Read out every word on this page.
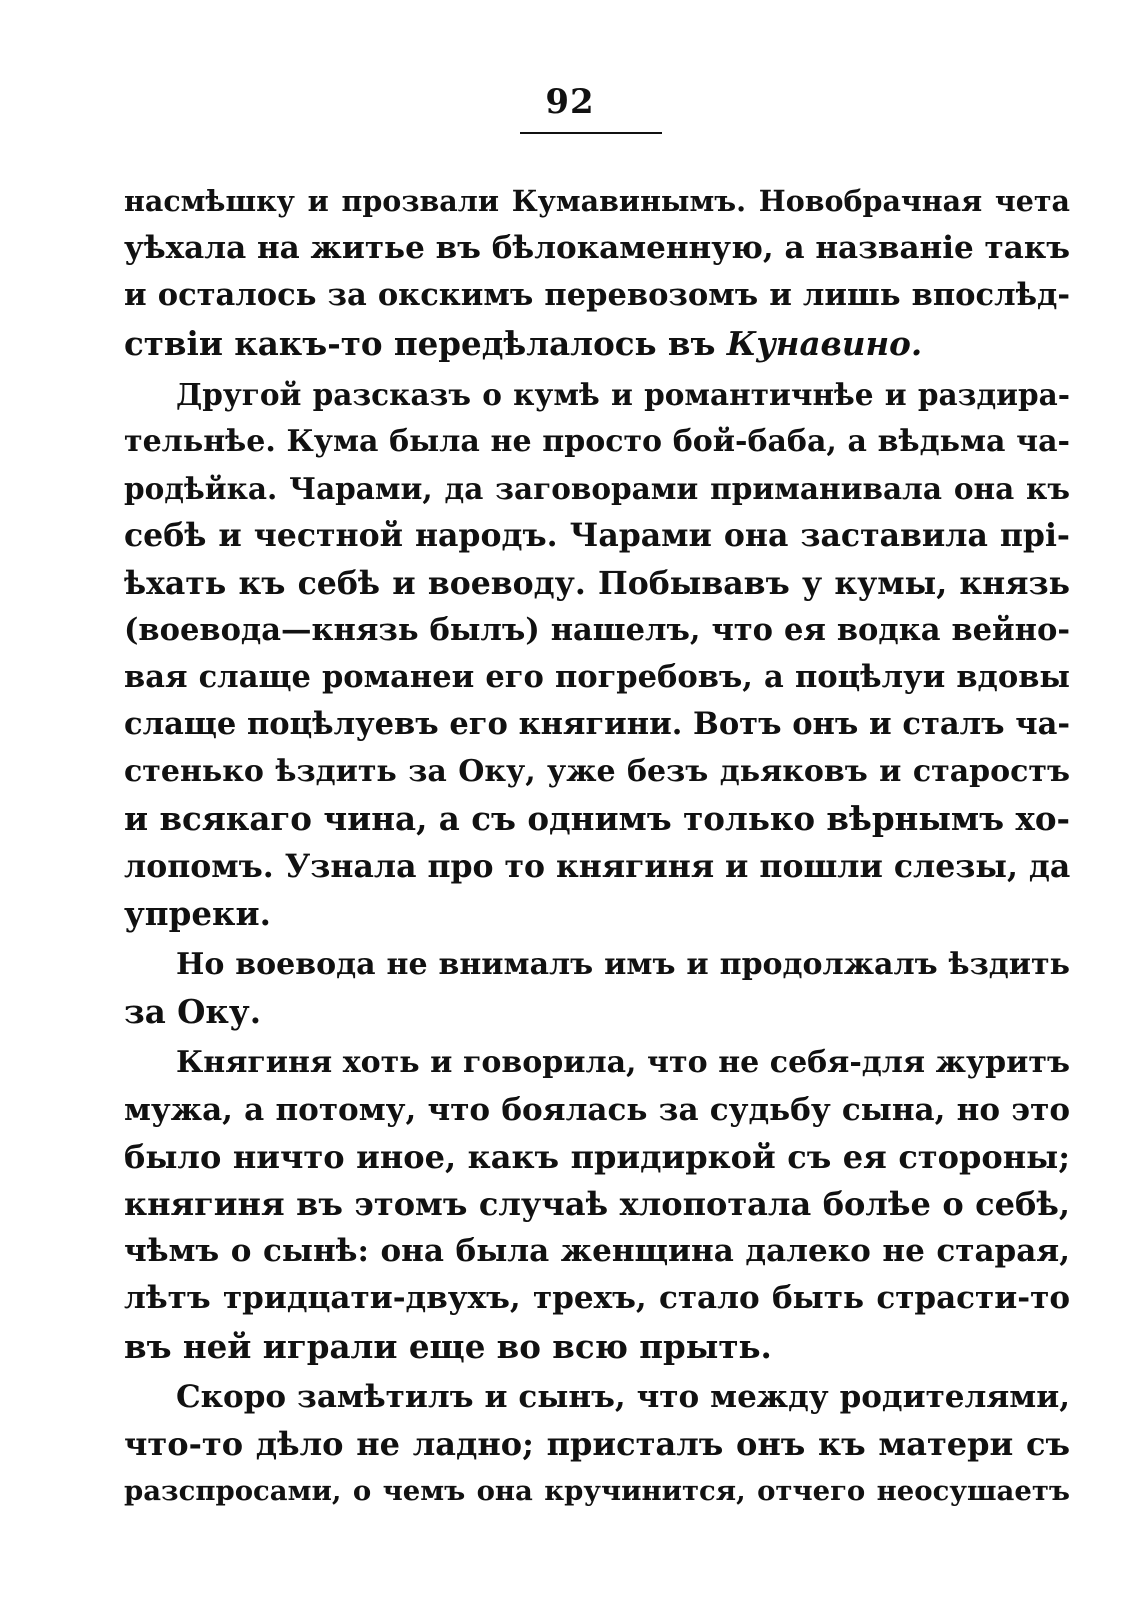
92
насмѣшку и прозвали Кумавинымъ. Новобрачная чета
уѣхала на житье въ бѣлокаменную, а названіе такъ
и осталось за окскимъ перевозомъ и лишь впослѣд-
ствіи какъ-то передѣлалось въ Кунавино.
Другой разсказъ о кумѣ и романтичнѣе и раздира-
тельнѣе. Кума была не просто бой-баба, а вѣдьма ча-
родѣйка. Чарами, да заговорами приманивала она къ
себѣ и честной народъ. Чарами она заставила прі-
ѣхать къ себѣ и воеводу. Побывавъ у кумы, князь
(воевода—князь былъ) нашелъ, что ея водка вейно-
вая слаще романеи его погребовъ, а поцѣлуи вдовы
слаще поцѣлуевъ его княгини. Вотъ онъ и сталъ ча-
стенько ѣздить за Оку, уже безъ дьяковъ и старостъ
и всякаго чина, а съ однимъ только вѣрнымъ хо-
лопомъ. Узнала про то княгиня и пошли слезы, да
упреки.
Но воевода не внималъ имъ и продолжалъ ѣздить
за Оку.
Княгиня хоть и говорила, что не себя-для журитъ
мужа, а потому, что боялась за судьбу сына, но это
было ничто иное, какъ придиркой съ ея стороны;
княгиня въ этомъ случаѣ хлопотала болѣе о себѣ,
чѣмъ о сынѣ: она была женщина далеко не старая,
лѣтъ тридцати-двухъ, трехъ, стало быть страсти-то
въ ней играли еще во всю прыть.
Скоро замѣтилъ и сынъ, что между родителями,
что-то дѣло не ладно; присталъ онъ къ матери съ
разспросами, о чемъ она кручинится, отчего неосушаетъ
